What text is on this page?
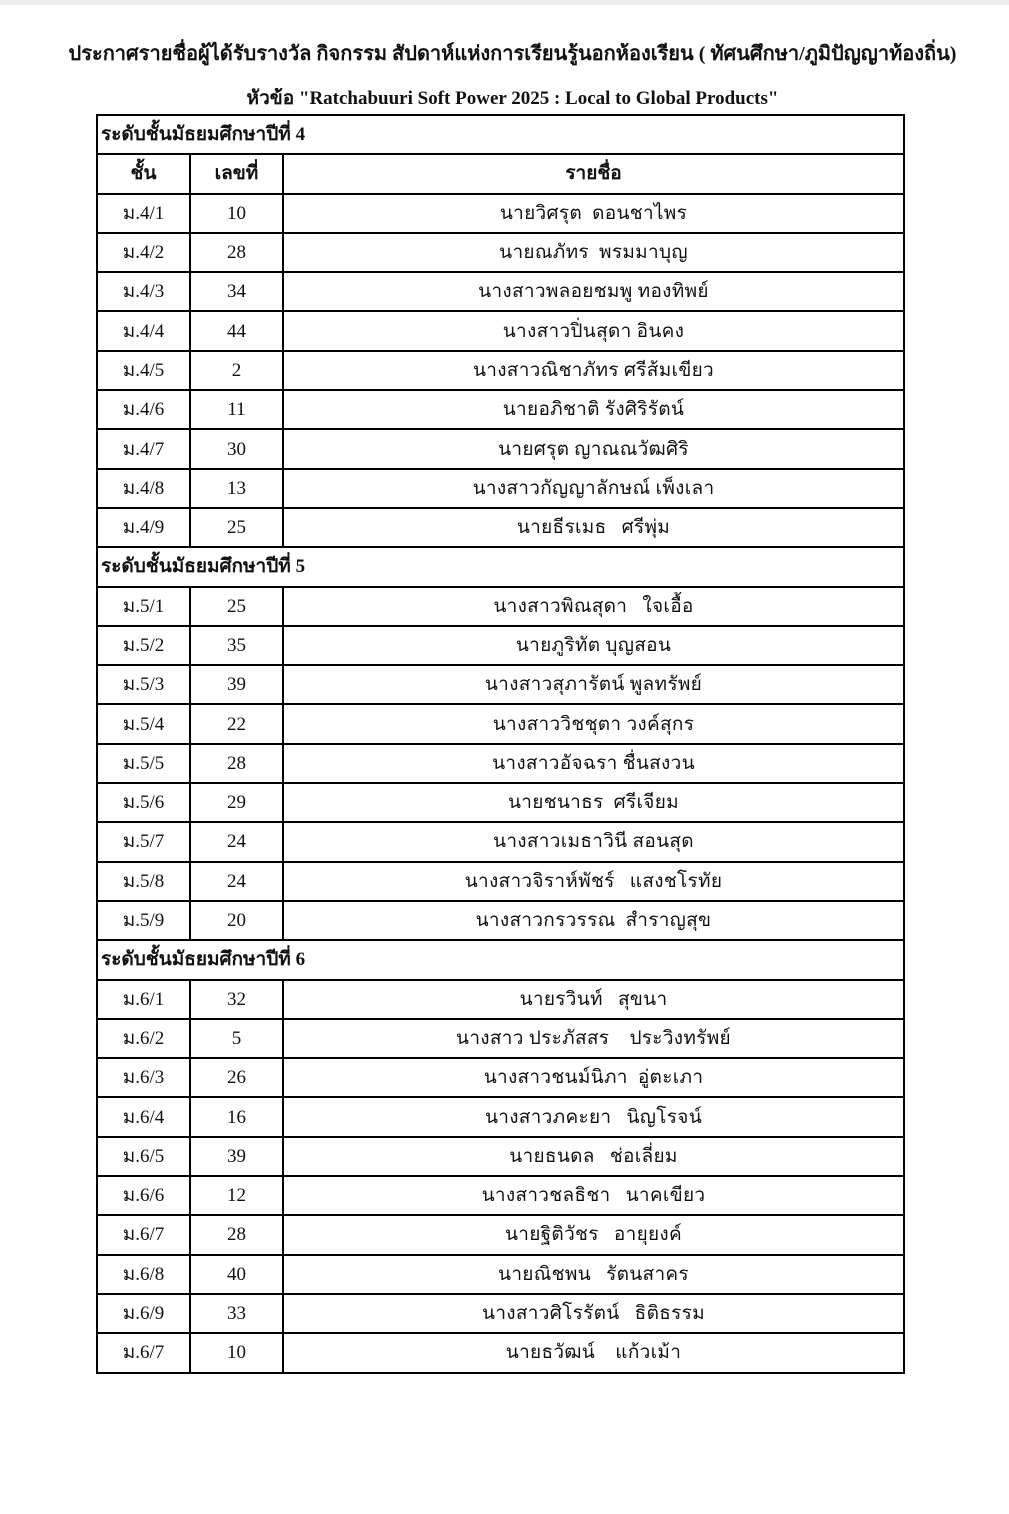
ประกาศรายชื่อผู้ได้รับรางวัล กิจกรรม สัปดาห์แห่งการเรียนรู้นอกห้องเรียน ( ทัศนศึกษา/ภูมิปัญญาท้องถิ่น)
หัวข้อ "Ratchabuuri Soft Power 2025 : Local to Global Products"
ระดับชั้นมัธยมศึกษาปีที่ 4		
ชั้น	เลขที่	รายชื่อ
ม.4/1	10	นายวิศรุต  ดอนชาไพร
ม.4/2	28	นายณภัทร  พรมมาบุญ
ม.4/3	34	นางสาวพลอยชมพู ทองทิพย์
ม.4/4	44	นางสาวปิ่นสุดา อินคง
ม.4/5	2	นางสาวณิชาภัทร ศรีส้มเขียว
ม.4/6	11	นายอภิชาติ รังศิริรัตน์
ม.4/7	30	นายศรุต ญาณณวัฒศิริ
ม.4/8	13	นางสาวกัญญาลักษณ์ เพ็งเลา
ม.4/9	25	นายธีรเมธ   ศรีพุ่ม
ระดับชั้นมัธยมศึกษาปีที่ 5		
ม.5/1	25	นางสาวพิณสุดา   ใจเอื้อ
ม.5/2	35	นายภูริทัต บุญสอน
ม.5/3	39	นางสาวสุภารัตน์ พูลทรัพย์
ม.5/4	22	นางสาววิชชุตา วงค์สุกร
ม.5/5	28	นางสาวอัจฉรา ชื่นสงวน
ม.5/6	29	นายชนาธร  ศรีเจียม
ม.5/7	24	นางสาวเมธาวินี สอนสุด
ม.5/8	24	นางสาวจิราห์พัชร์   แสงชโรทัย
ม.5/9	20	นางสาวกรวรรณ  สำราญสุข
ระดับชั้นมัธยมศึกษาปีที่ 6		
ม.6/1	32	นายรวินท์   สุขนา
ม.6/2	5	นางสาว ประภัสสร    ประวิงทรัพย์
ม.6/3	26	นางสาวชนม์นิภา  อู่ตะเภา
ม.6/4	16	นางสาวภคะยา   นิญโรจน์
ม.6/5	39	นายธนดล   ช่อเลี่ยม
ม.6/6	12	นางสาวชลธิชา   นาคเขียว
ม.6/7	28	นายฐิติวัชร   อายุยงค์
ม.6/8	40	นายณิชพน   รัตนสาคร
ม.6/9	33	นางสาวศิโรรัตน์   ธิติธรรม
ม.6/7	10	นายธวัฒน์    แก้วเม้า
